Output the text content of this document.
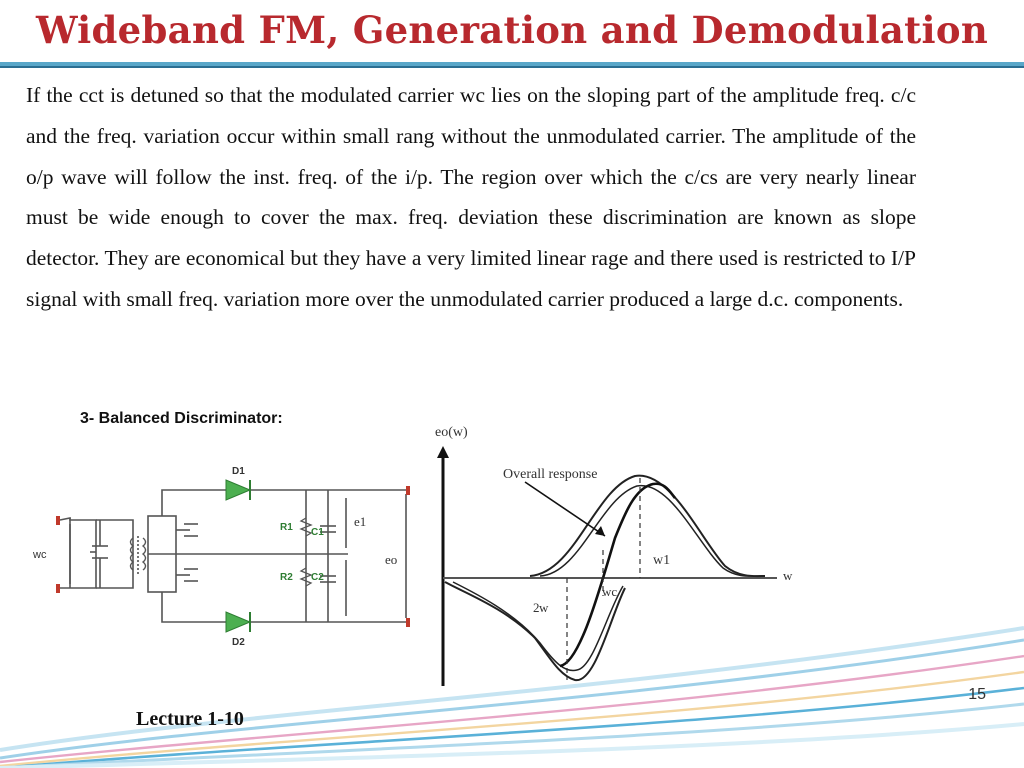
Wideband FM, Generation and Demodulation
If the cct is detuned so that the modulated carrier wc lies on the sloping part of the amplitude freq. c/c and the freq. variation occur within small rang without the unmodulated carrier. The amplitude of the o/p wave will follow the inst. freq. of the i/p. The region over which the c/cs are very nearly linear must be wide enough to cover the max. freq. deviation these discrimination are known as slope detector. They are economical but they have a very limited linear rage and there used is restricted to I/P signal with small freq. variation more over the unmodulated carrier produced a large d.c. components.
3- Balanced Discriminator:
wc
D1
D2
R1 C1
R2 C2
e1
eo
eo(w)
w
Overall response
w1
wc
2 w
15
Lecture 1-10
